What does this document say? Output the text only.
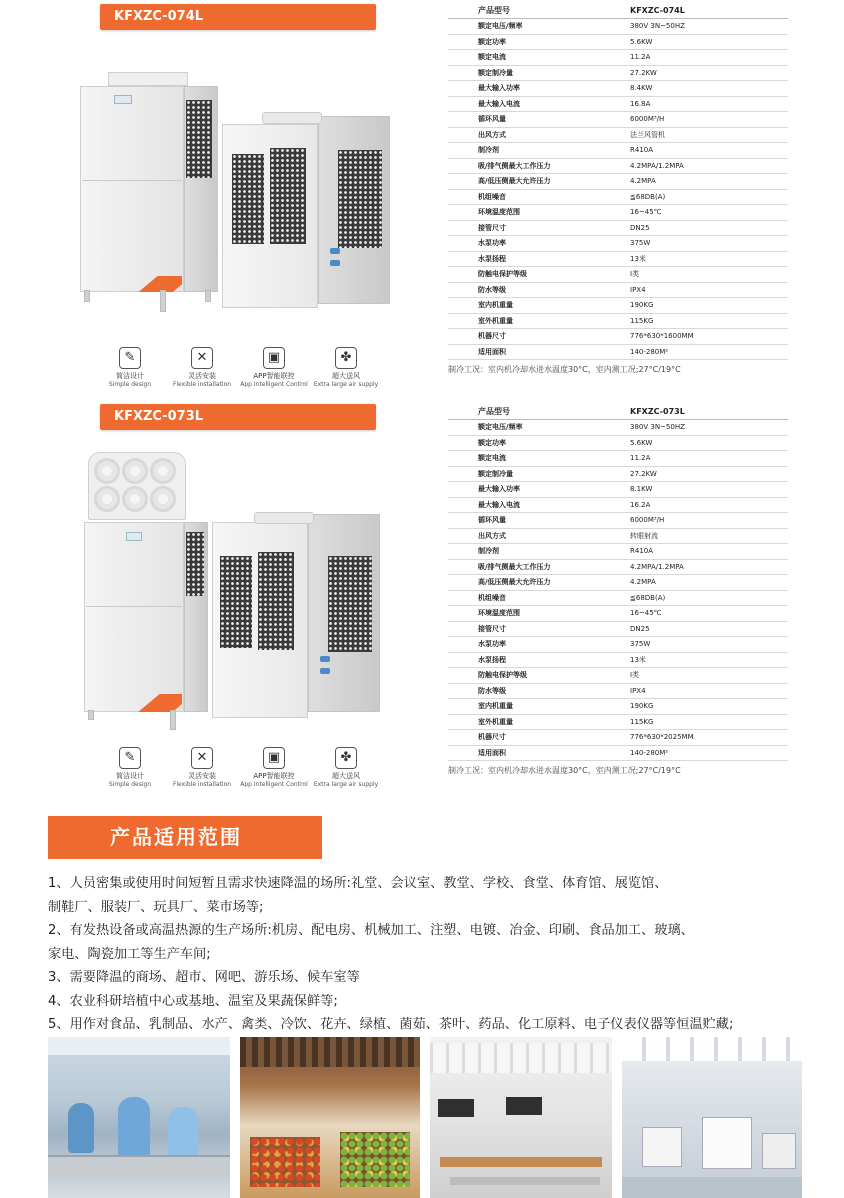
KFXZC-074L
✎
简洁设计
Simple design
✕
灵活安装
Flexible installation
▣
APP智能联控
App Intelligent Control
✤
超大送风
Extra large air supply
产品型号	KFXZC-074L
额定电压/频率	380V 3N~50HZ
额定功率	5.6KW
额定电流	11.2A
额定制冷量	27.2KW
最大输入功率	8.4KW
最大输入电流	16.8A
循环风量	6000M³/H
出风方式	法兰风管机
制冷剂	R410A
吸/排气侧最大工作压力	4.2MPA/1.2MPA
高/低压侧最大允许压力	4.2MPA
机组噪音	≦68DB(A)
环境温度范围	16~45℃
接管尺寸	DN25
水泵功率	375W
水泵扬程	13米
防触电保护等级	I类
防水等级	IPX4
室内机重量	190KG
室外机重量	115KG
机器尺寸	776*630*1600MM
适用面积	140-280M²
制冷工况：室内机冷却水进水温度30°C，室内测工况;27°C/19°C
KFXZC-073L
✎
简洁设计
Simple design
✕
灵活安装
Flexible installation
▣
APP智能联控
App Intelligent Control
✤
超大送风
Extra large air supply
产品型号	KFXZC-073L
额定电压/频率	380V 3N~50HZ
额定功率	5.6KW
额定电流	11.2A
额定制冷量	27.2KW
最大输入功率	8.1KW
最大输入电流	16.2A
循环风量	6000M³/H
出风方式	转眼射流
制冷剂	R410A
吸/排气侧最大工作压力	4.2MPA/1.2MPA
高/低压侧最大允许压力	4.2MPA
机组噪音	≦68DB(A)
环境温度范围	16~45℃
接管尺寸	DN25
水泵功率	375W
水泵扬程	13米
防触电保护等级	I类
防水等级	IPX4
室内机重量	190KG
室外机重量	115KG
机器尺寸	776*630*2025MM
适用面积	140-280M²
制冷工况：室内机冷却水进水温度30°C，室内测工况;27°C/19°C
产品适用范围
1、人员密集或使用时间短暂且需求快速降温的场所:礼堂、会议室、教堂、学校、食堂、体育馆、展览馆、
制鞋厂、服装厂、玩具厂、菜市场等;
2、有发热设备或高温热源的生产场所:机房、配电房、机械加工、注塑、电镀、冶金、印刷、食品加工、玻璃、
家电、陶瓷加工等生产车间;
3、需要降温的商场、超市、网吧、游乐场、候车室等
4、农业科研培植中心或基地、温室及果蔬保鲜等;
5、用作对食品、乳制品、水产、禽类、冷饮、花卉、绿植、菌茹、茶叶、药品、化工原料、电子仪表仪器等恒温贮藏;
